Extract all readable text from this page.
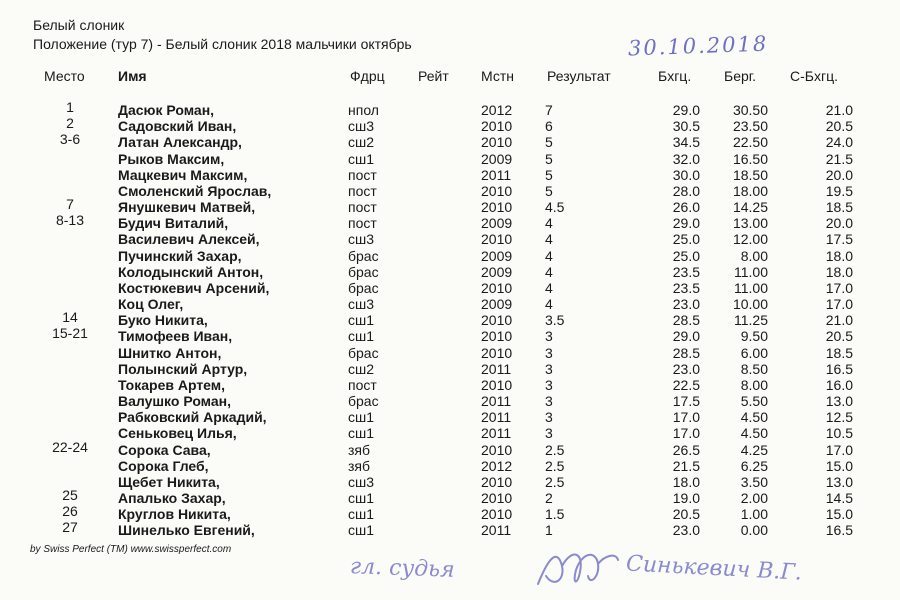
Белый слоник
Положение (тур 7) - Белый слоник 2018 мальчики октябрь	30.10.2018
Место Имя	Фдрц Рейт Мстн Результат	Бхгц. Берг. С-Бхгц.
1	Дасюк Роман,	нпол	2012 7	29.0	30.50	21.0
2	Садовский Иван,	сш3	2010 6	30.5	23.50	20.5
3-6	Латан Александр,	сш2	2010 5	34.5	22.50	24.0
Рыков Максим,	сш1	2009 5	32.0	16.50	21.5
Мацкевич Максим,	пост	2011 5	30.0	18.50	20.0
Смоленский Ярослав,	пост	2010 5	28.0	18.00	19.5
7	Янушкевич Матвей,	пост	2010 4.5	26.0	14.25	18.5
8-13	Будич Виталий,	пост	2009 4	29.0	13.00	20.0
Василевич Алексей,	сш3	2010 4	25.0	12.00	17.5
Пучинский Захар,	брас	2009 4	25.0	8.00	18.0
Колодынский Антон,	брас	2009 4	23.5	11.00	18.0
Костюкевич Арсений,	брас	2010 4	23.5	11.00	17.0
Коц Олег,	сш3	2009 4	23.0	10.00	17.0
14	Буко Никита,	сш1	2010 3.5	28.5	11.25	21.0
15-21	Тимофеев Иван,	сш1	2010 3	29.0	9.50	20.5
Шнитко Антон,	брас	2010 3	28.5	6.00	18.5
Полынский Артур,	сш2	2011 3	23.0	8.50	16.5
Токарев Артем,	пост	2010 3	22.5	8.00	16.0
Валушко Роман,	брас	2011 3	17.5	5.50	13.0
Рабковский Аркадий,	сш1	2011 3	17.0	4.50	12.5
Сеньковец Илья,	сш1	2011 3	17.0	4.50	10.5
22-24	Сорока Сава,	зяб	2010 2.5	26.5	4.25	17.0
Сорока Глеб,	зяб	2012 2.5	21.5	6.25	15.0
Щебет Никита,	сш3	2010 2.5	18.0	3.50	13.0
25	Апалько Захар,	сш1	2010 2	19.0	2.00	14.5
26	Круглов Никита,	сш1	2010 1.5	20.5	1.00	15.0
27	Шинелько Евгений,	сш1	2011 1	23.0	0.00	16.5
by Swiss Perfect (TM) www.swissperfect.com
гл. судья	Синькевич В.Г.
